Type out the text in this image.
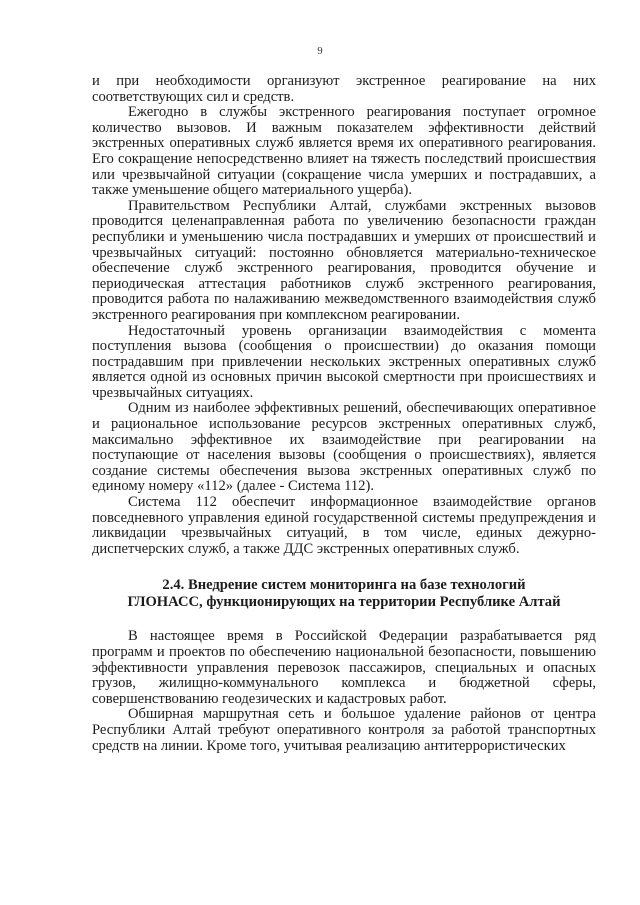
9

и при необходимости организуют экстренное реагирование на них соответствующих сил и средств.

Ежегодно в службы экстренного реагирования поступает огромное количество вызовов. И важным показателем эффективности действий экстренных оперативных служб является время их оперативного реагирования. Его сокращение непосредственно влияет на тяжесть последствий происшествия или чрезвычайной ситуации (сокращение числа умерших и пострадавших, а также уменьшение общего материального ущерба).

Правительством Республики Алтай, службами экстренных вызовов проводится целенаправленная работа по увеличению безопасности граждан республики и уменьшению числа пострадавших и умерших от происшествий и чрезвычайных ситуаций: постоянно обновляется материально-техническое обеспечение служб экстренного реагирования, проводится обучение и периодическая аттестация работников служб экстренного реагирования, проводится работа по налаживанию межведомственного взаимодействия служб экстренного реагирования при комплексном реагировании.

Недостаточный уровень организации взаимодействия с момента поступления вызова (сообщения о происшествии) до оказания помощи пострадавшим при привлечении нескольких экстренных оперативных служб является одной из основных причин высокой смертности при происшествиях и чрезвычайных ситуациях.

Одним из наиболее эффективных решений, обеспечивающих оперативное и рациональное использование ресурсов экстренных оперативных служб, максимально эффективное их взаимодействие при реагировании на поступающие от населения вызовы (сообщения о происшествиях), является создание системы обеспечения вызова экстренных оперативных служб по единому номеру «112» (далее - Система 112).

Система 112 обеспечит информационное взаимодействие органов повседневного управления единой государственной системы предупреждения и ликвидации чрезвычайных ситуаций, в том числе, единых дежурно-диспетчерских служб, а также ДДС экстренных оперативных служб.

2.4. Внедрение систем мониторинга на базе технологий
ГЛОНАСС, функционирующих на территории Республике Алтай

В настоящее время в Российской Федерации разрабатывается ряд программ и проектов по обеспечению национальной безопасности, повышению эффективности управления перевозок пассажиров, специальных и опасных грузов, жилищно-коммунального комплекса и бюджетной сферы, совершенствованию геодезических и кадастровых работ.

Обширная маршрутная сеть и большое удаление районов от центра Республики Алтай требуют оперативного контроля за работой транспортных средств на линии. Кроме того, учитывая реализацию антитеррористических
